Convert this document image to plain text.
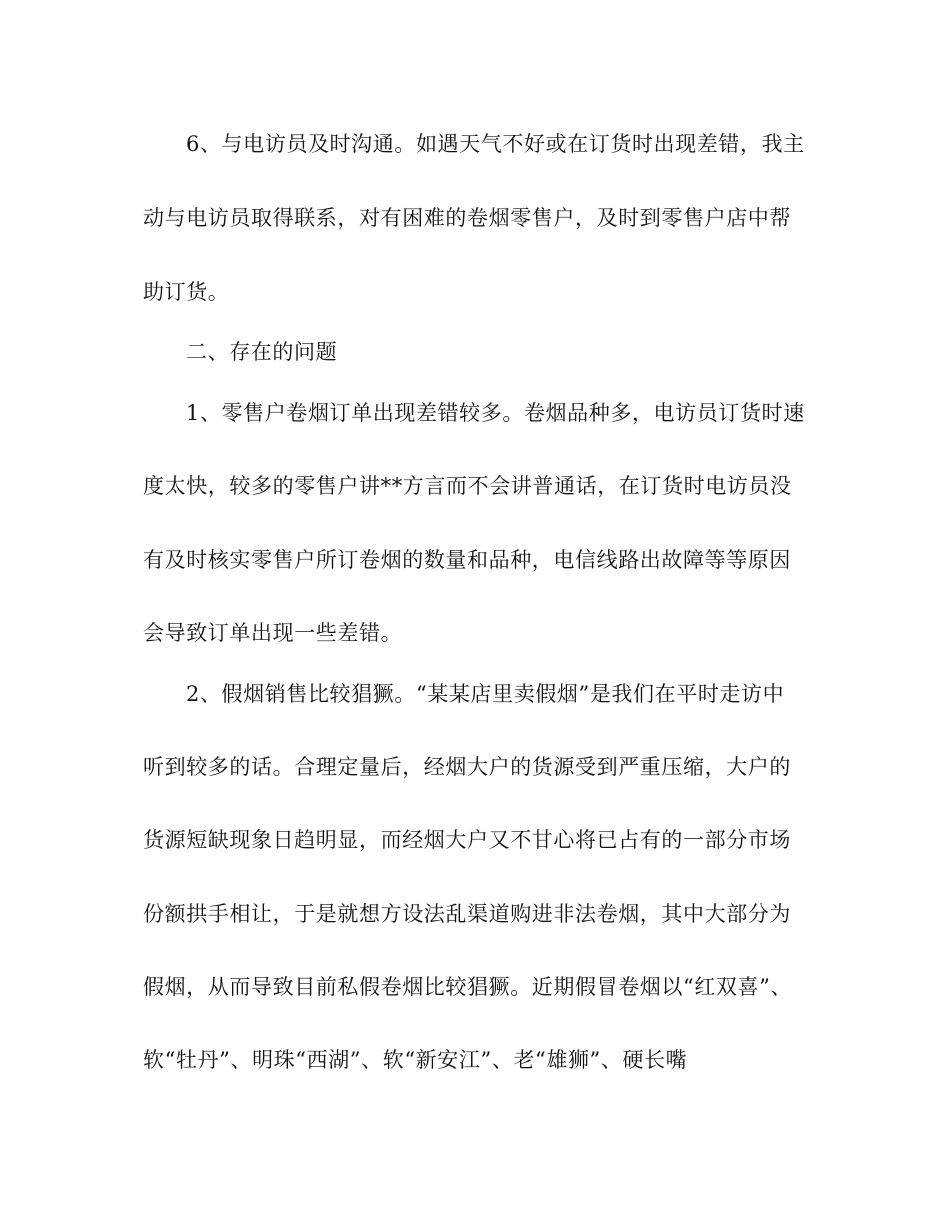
6、与电访员及时沟通。如遇天气不好或在订货时出现差错，我主
动与电访员取得联系，对有困难的卷烟零售户，及时到零售户店中帮
助订货。
二、存在的问题
1、零售户卷烟订单出现差错较多。卷烟品种多，电访员订货时速
度太快，较多的零售户讲**方言而不会讲普通话，在订货时电访员没
有及时核实零售户所订卷烟的数量和品种，电信线路出故障等等原因
会导致订单出现一些差错。
2、假烟销售比较猖獗。“某某店里卖假烟”是我们在平时走访中
听到较多的话。合理定量后，经烟大户的货源受到严重压缩，大户的
货源短缺现象日趋明显，而经烟大户又不甘心将已占有的一部分市场
份额拱手相让，于是就想方设法乱渠道购进非法卷烟，其中大部分为
假烟，从而导致目前私假卷烟比较猖獗。近期假冒卷烟以“红双喜”、
软“牡丹”、明珠“西湖”、软“新安江”、老“雄狮”、硬长嘴
